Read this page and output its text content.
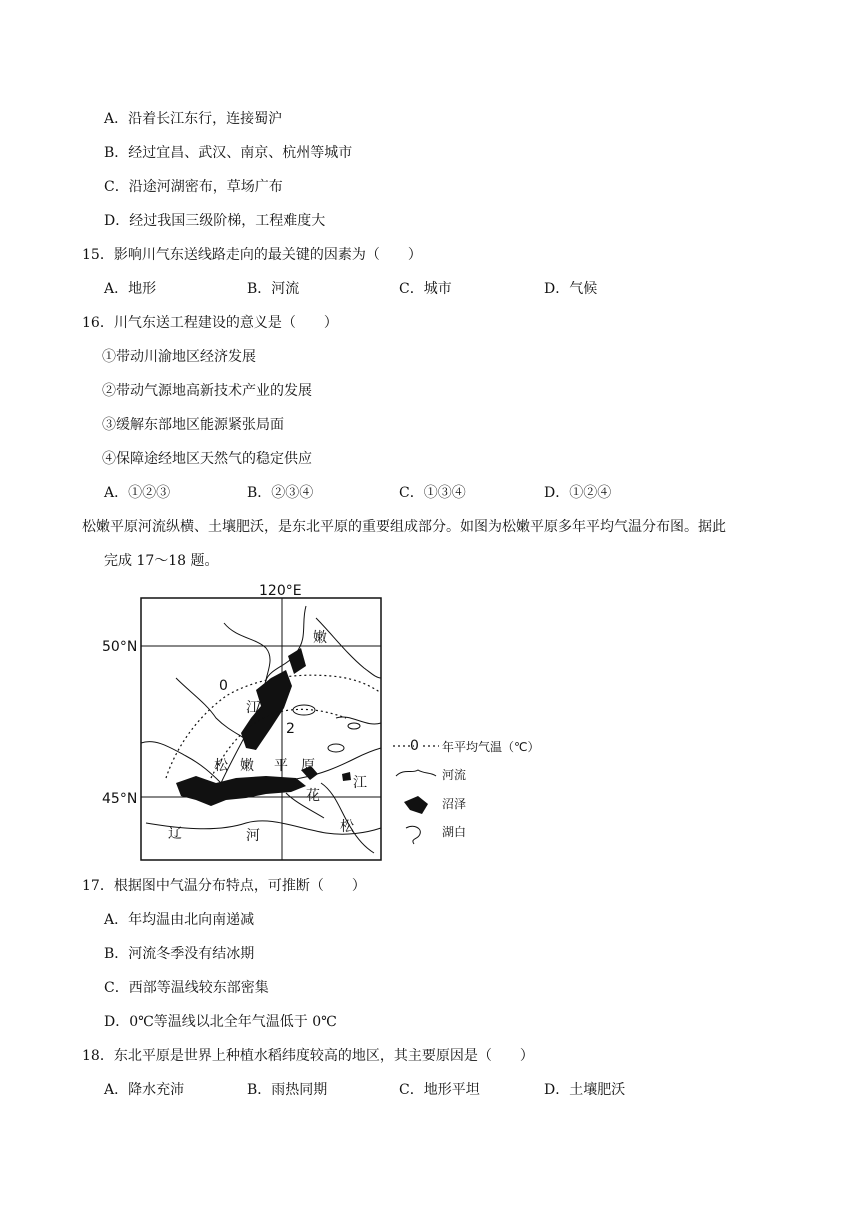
A．沿着长江东行，连接蜀沪
B．经过宜昌、武汉、南京、杭州等城市
C．沿途河湖密布，草场广布
D．经过我国三级阶梯，工程难度大
15．影响川气东送线路走向的最关键的因素为（　　）
A．地形	B．河流	C．城市	D．气候
16．川气东送工程建设的意义是（　　）
①带动川渝地区经济发展
②带动气源地高新技术产业的发展
③缓解东部地区能源紧张局面
④保障途经地区天然气的稳定供应
A．①②③	B．②③④	C．①③④	D．①②④
松嫩平原河流纵横、土壤肥沃，是东北平原的重要组成部分。如图为松嫩平原多年平均气温分布图。据此
完成 17～18 题。
120°E
50°N
45°N
0
2
嫩
江
松 嫩 平 原
江
花
松
辽	河
0 年平均气温（℃）
河流
沼泽
湖白
17．根据图中气温分布特点，可推断（　　）
A．年均温由北向南递减
B．河流冬季没有结冰期
C．西部等温线较东部密集
D．0℃等温线以北全年气温低于 0℃
18．东北平原是世界上种植水稻纬度较高的地区，其主要原因是（　　）
A．降水充沛	B．雨热同期	C．地形平坦	D．土壤肥沃
